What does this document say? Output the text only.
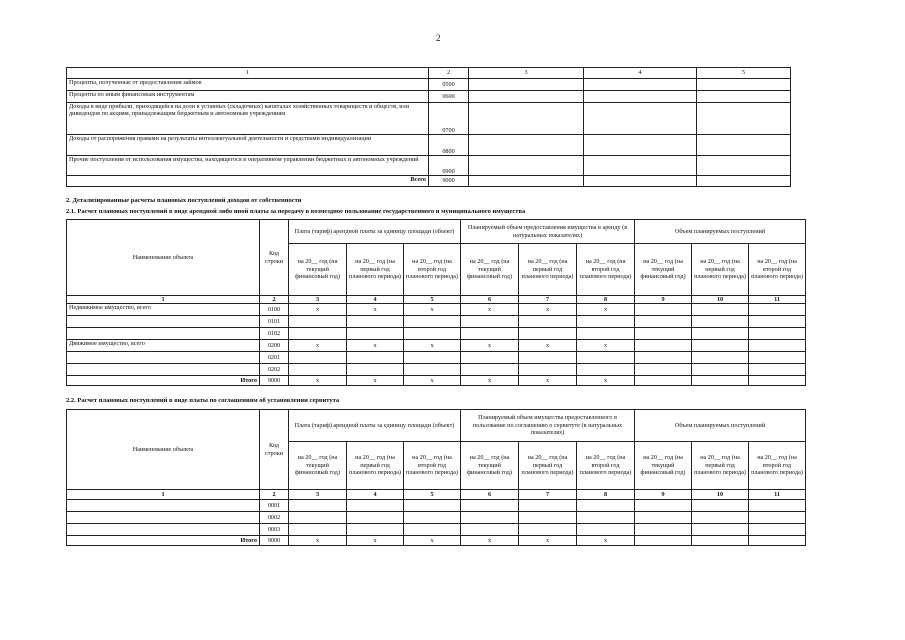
2
1	2	3	4	5
Проценты, полученные от предоставления займов	0500			
Проценты по иным финансовым инструментам	0600			
Доходы в виде прибыли, приходящейся на доли в уставных (складочных) капиталах хозяйственных товариществ и обществ, или дивидендов по акциям, принадлежащим бюджетным и автономным учреждениям	0700			
Доходы от распоряжения правами на результаты интеллектуальной деятельности и средствами индивидуализации	0800			
Прочие поступления от использования имущества, находящегося в оперативном управлении бюджетных и автономных учреждений	0900			
Всего	9000			
2. Детализированные расчеты плановых поступлений доходов от собственности
2.1. Расчет плановых поступлений в виде арендной либо иной платы за передачу в возмездное пользование государственного и муниципального имущества
Наименование объекта	Код строки	Плата (тариф) арендной платы за единицу площади (объект)			Планируемый объем предоставления имущества в аренду (в натуральных показателях)			Объем планируемых поступлений		
		на 20__ год (на текущий финансовый год)	на 20__ год (на первый год планового периода)	на 20__ год (на второй год планового периода)	на 20__ год (на текущий финансовый год)	на 20__ год (на первый год планового периода)	на 20__ год (на второй год планового периода)	на 20__ год (на текущий финансовый год)	на 20__ год (на первый год планового периода)	на 20__ год (на второй год планового периода)
1	2	3	4	5	6	7	8	9	10	11
Недвижимое имущество, всего	0100	x	x	x	x	x	x			
	0101									
	0102									
Движимое имущество, всего	0200	x	x	x	x	x	x			
	0201									
	0202									
Итого	9000	x	x	x	x	x	x			
2.2. Расчет плановых поступлений в виде платы по соглашениям об установлении сервитута
Наименование объекта	Код строки	Плата (тариф) арендной платы за единицу площади (объект)			Планируемый объем имущества предоставленного в пользование по соглашению о сервитуте (в натуральных показателях)			Объем планируемых поступлений		
		на 20__ год (на текущий финансовый год)	на 20__ год (на первый год планового периода)	на 20__ год (на второй год планового периода)	на 20__ год (на текущий финансовый год)	на 20__ год (на первый год планового периода)	на 20__ год (на второй год планового периода)	на 20__ год (на текущий финансовый год)	на 20__ год (на первый год планового периода)	на 20__ год (на второй год планового периода)
1	2	3	4	5	6	7	8	9	10	11
	0001									
	0002									
	0003									
Итого	9000	x	x	x	x	x	x			
